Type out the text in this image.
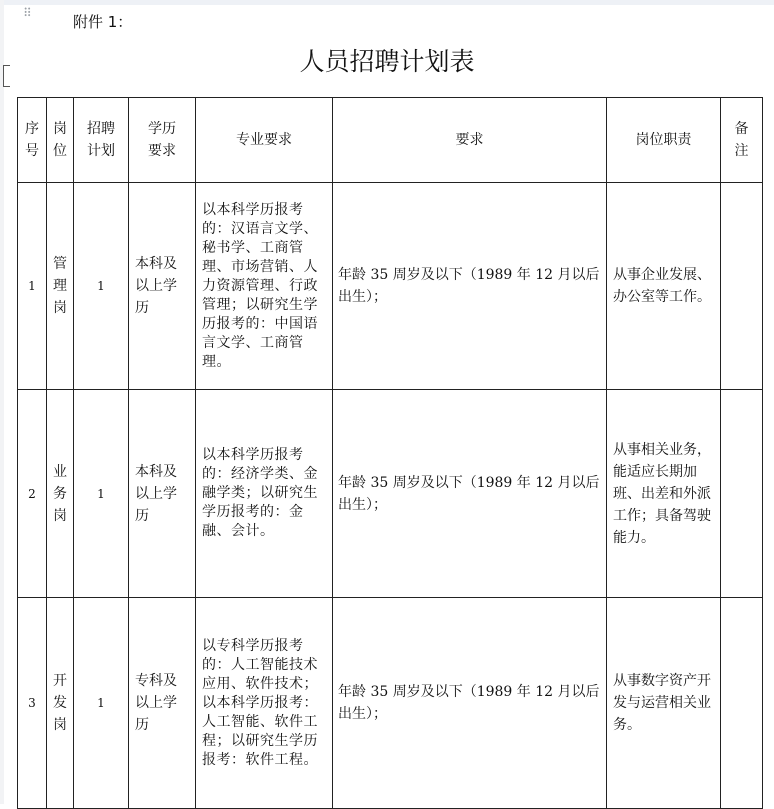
⠿	附件 1：
人员招聘计划表
序号	岗位	招聘计划	学历要求	专业要求	要求	岗位职责	备注
1	管理岗	1	本科及以上学历	以本科学历报考的：汉语言文学、秘书学、工商管理、市场营销、人力资源管理、行政管理；以研究生学历报考的：中国语言文学、工商管理。	年龄 35 周岁及以下（1989 年 12 月以后出生）；	从事企业发展、办公室等工作。	

2	业务岗	1	本科及以上学历	以本科学历报考的：经济学类、金融学类；以研究生学历报考的：金融、会计。	年龄 35 周岁及以下（1989 年 12 月以后出生）；	从事相关业务，能适应长期加班、出差和外派工作；具备驾驶能力。	

3	开发岗	1	专科及以上学历	以专科学历报考的：人工智能技术应用、软件技术；以本科学历报考：人工智能、软件工程；以研究生学历报考：软件工程。	年龄 35 周岁及以下（1989 年 12 月以后出生）；	从事数字资产开发与运营相关业务。	
